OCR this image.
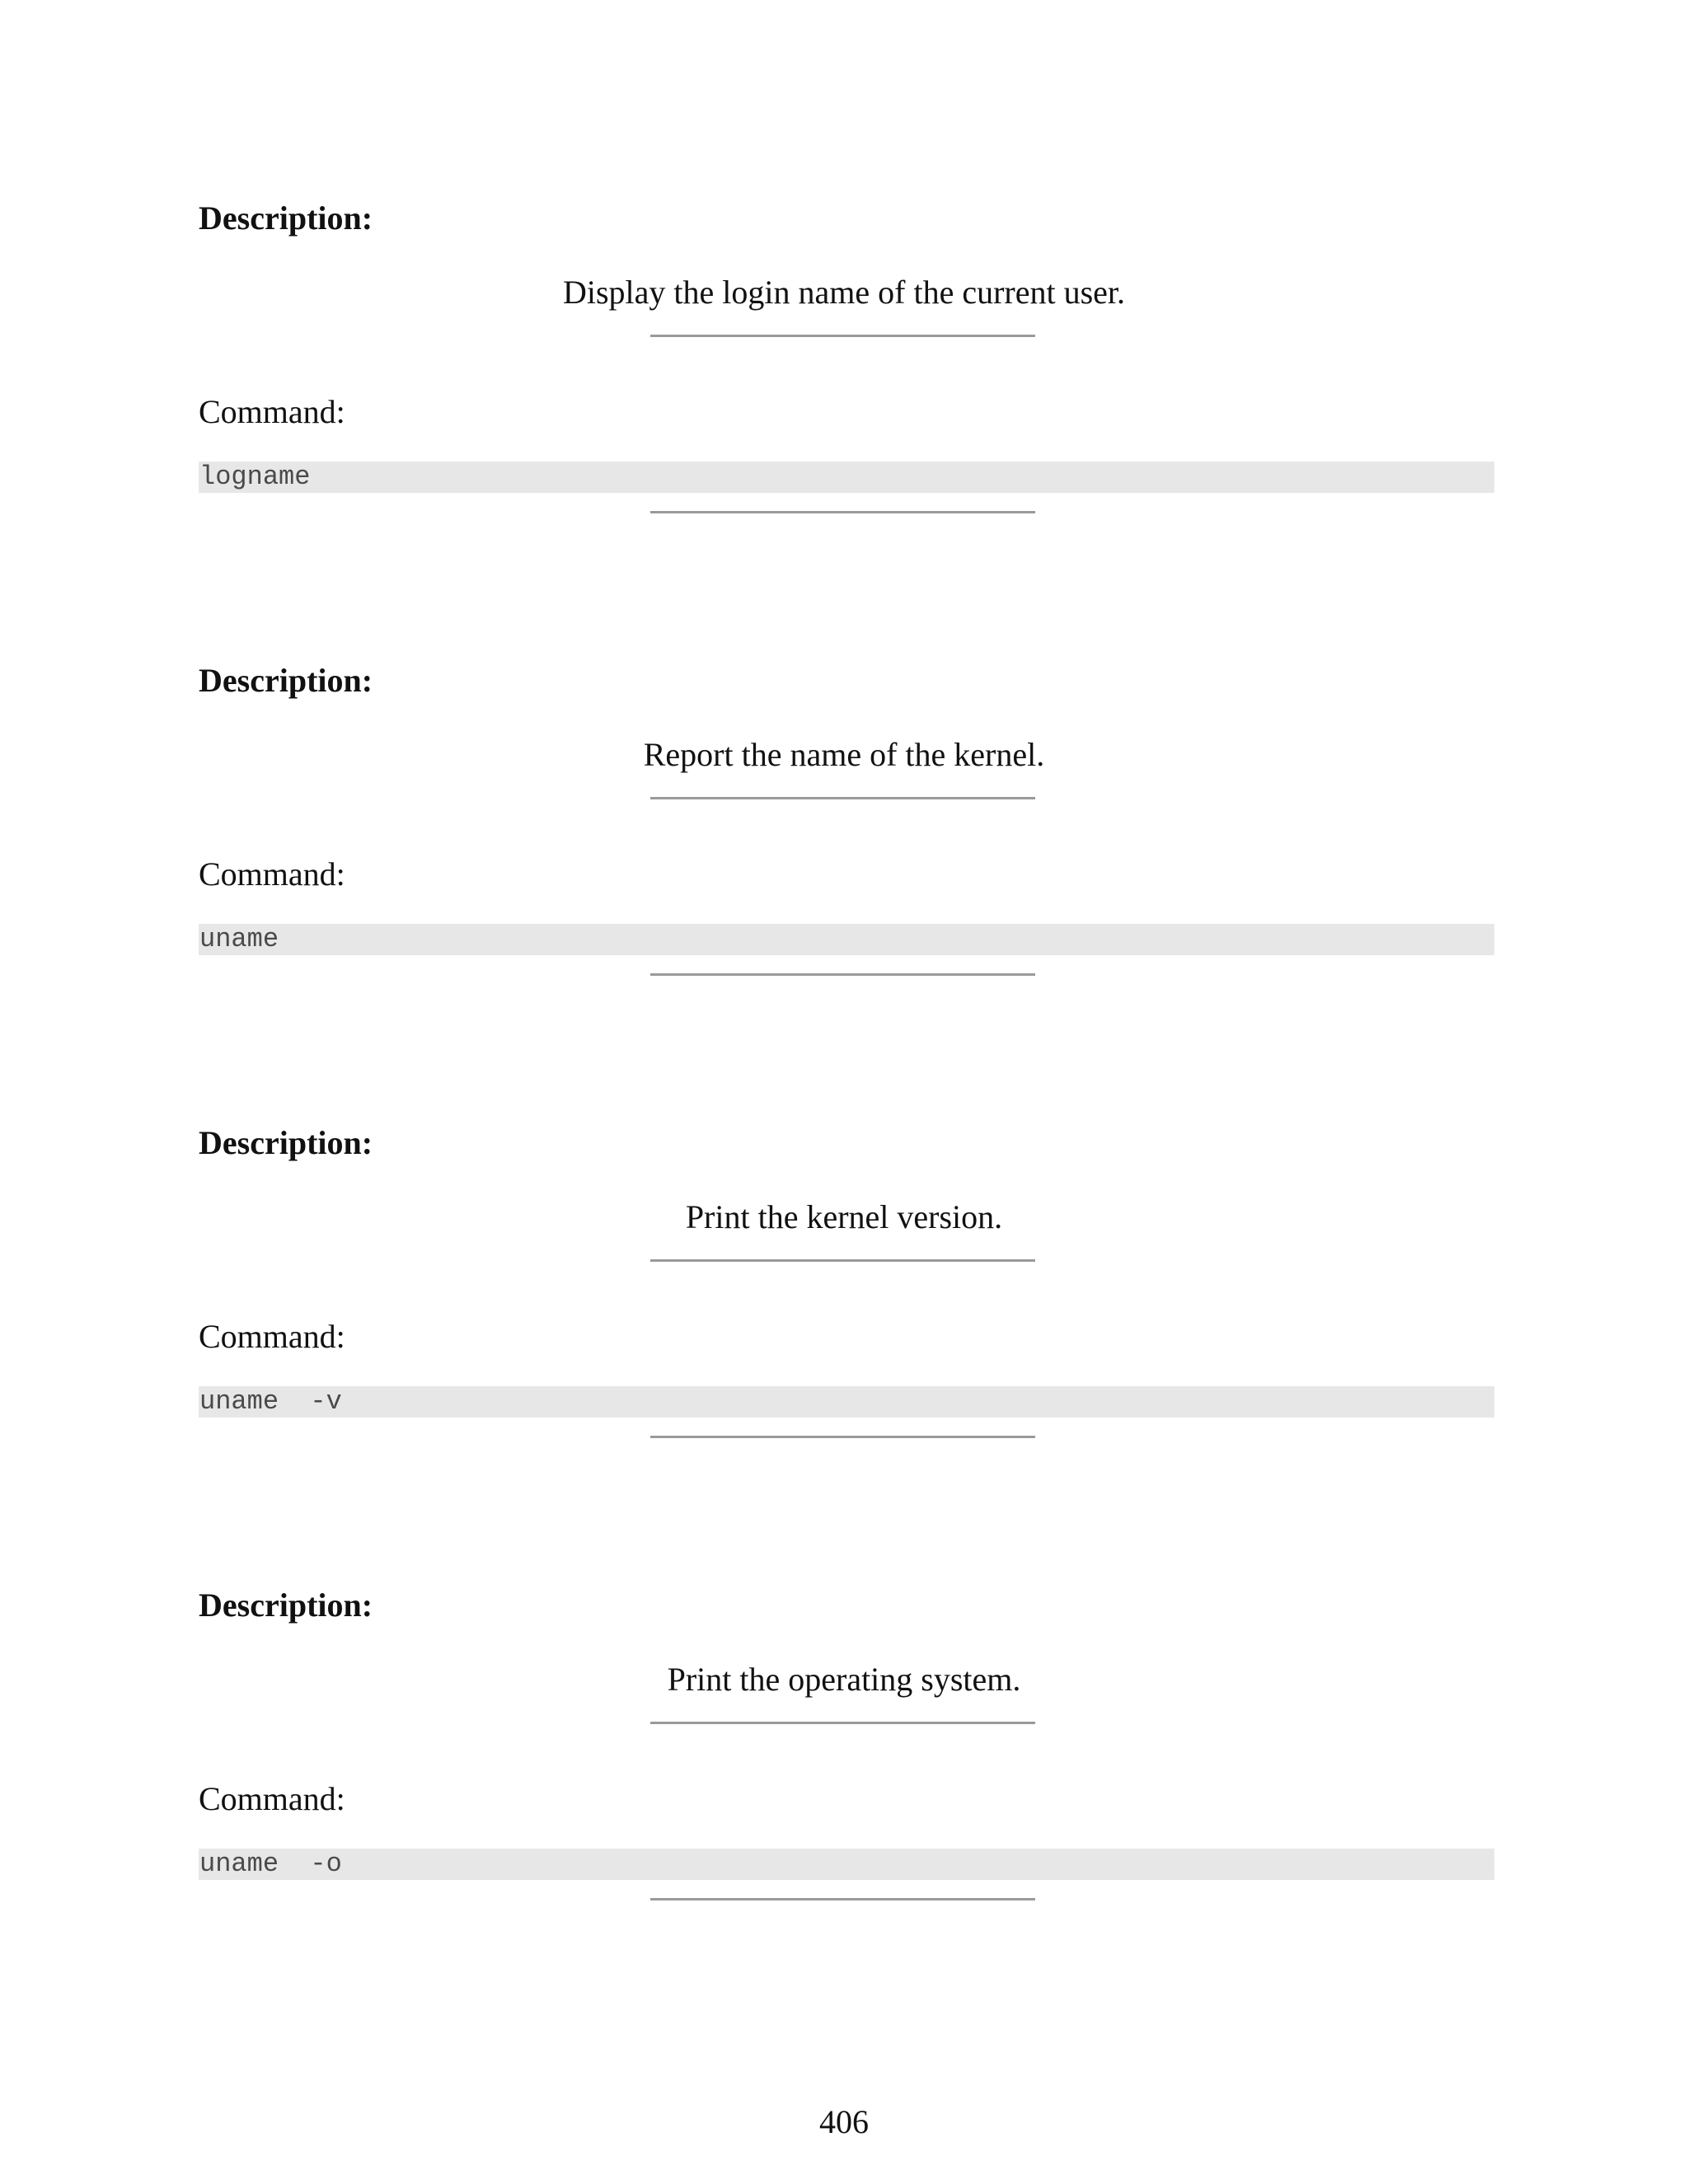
Description:
Display the login name of the current user.
Command:
logname
Description:
Report the name of the kernel.
Command:
uname
Description:
Print the kernel version.
Command:
uname  -v
Description:
Print the operating system.
Command:
uname  -o
406
